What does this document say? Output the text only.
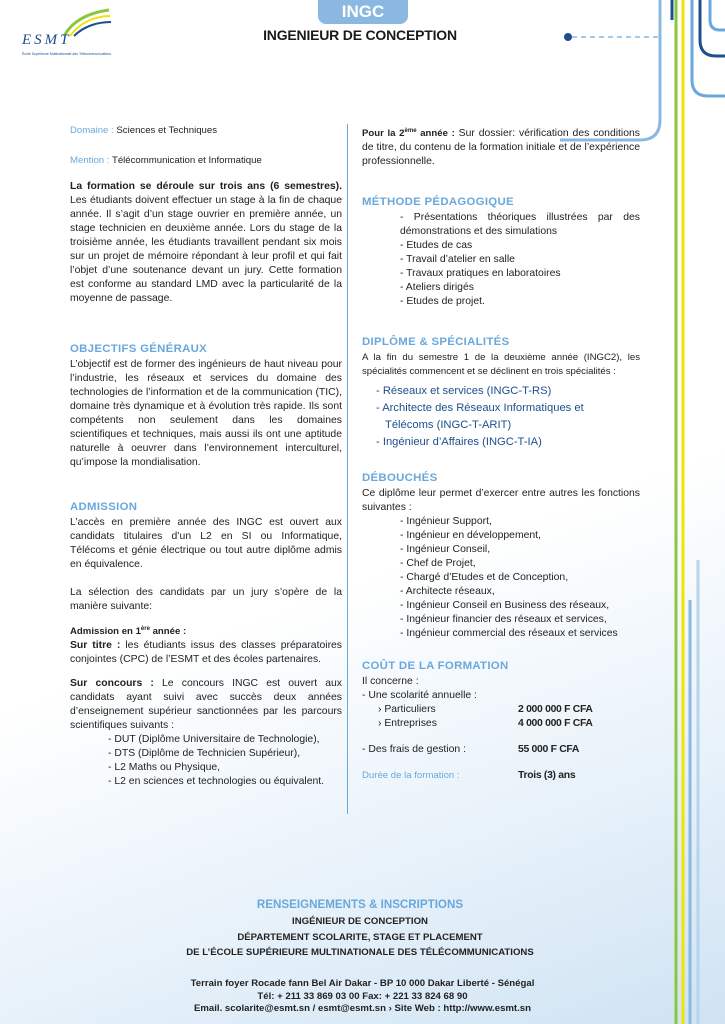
ESMT
École Supérieure Multinationale des Télécommunications
INGC
INGENIEUR DE CONCEPTION

Domaine : Sciences et Techniques

Mention : Télécommunication et Informatique

La formation se déroule sur trois ans (6 semestres). Les étudiants doivent effectuer un stage à la fin de chaque année. Il s’agit d’un stage ouvrier en première année, un stage technicien en deuxième année. Lors du stage de la troisième année, les étudiants travaillent pendant six mois sur un projet de mémoire répondant à leur profil et qui fait l’objet d’une soutenance devant un jury. Cette formation est conforme au standard LMD avec la particularité de la moyenne de passage.

OBJECTIFS GÉNÉRAUX

L’objectif est de former des ingénieurs de haut niveau pour l’industrie, les réseaux et services du domaine des technologies de l’information et de la communication (TIC), domaine très dynamique et à évolution très rapide. Ils sont compétents non seulement dans les domaines scientifiques et techniques, mais aussi ils ont une aptitude naturelle à oeuvrer dans l’environnement interculturel, qu’impose la mondialisation.

ADMISSION

L’accès en première année des INGC est ouvert aux candidats titulaires d’un L2 en SI ou Informatique, Télécoms et génie électrique ou tout autre diplôme admis en équivalence.

La sélection des candidats par un jury s’opère de la manière suivante:

Admission en 1ère année :

Sur titre : les étudiants issus des classes préparatoires conjointes (CPC) de l’ESMT et des écoles partenaires.

Sur concours : Le concours INGC est ouvert aux candidats ayant suivi avec succès deux années d’enseignement supérieur sanctionnées par les parcours scientifiques suivants :

- DUT (Diplôme Universitaire de Technologie),
- DTS (Diplôme de Technicien Supérieur),
- L2 Maths ou Physique,
- L2 en sciences et technologies ou équivalent.

Pour la 2ème année : Sur dossier: vérification des conditions de titre, du contenu de la formation initiale et de l’expérience professionnelle.

MÉTHODE PÉDAGOGIQUE
- Présentations théoriques illustrées par des démonstrations et des simulations
- Etudes de cas
- Travail d’atelier en salle
- Travaux pratiques en laboratoires
- Ateliers dirigés
- Etudes de projet.
DIPLÔME & SPÉCIALITÉS

A la fin du semestre 1 de la deuxième année (INGC2), les spécialités commencent et se déclinent en trois spécialités :

- Réseaux et services (INGC-T-RS)
- Architecte des Réseaux Informatiques et
Télécoms (INGC-T-ARIT)
- Ingénieur d’Affaires (INGC-T-IA)
DÉBOUCHÉS

Ce diplôme leur permet d’exercer entre autres les fonctions suivantes :

- Ingénieur Support,
- Ingénieur en développement,
- Ingénieur Conseil,
- Chef de Projet,
- Chargé d’Etudes et de Conception,
- Architecte réseaux,
- Ingénieur Conseil en Business des réseaux,
- Ingénieur financier des réseaux et services,
- Ingénieur commercial des réseaux et services
COÛT DE LA FORMATION

Il concerne :

- Une scolarité annuelle :

› Particuliers	2 000 000 F CFA
› Entreprises	4 000 000 F CFA
- Des frais de gestion :	55 000 F CFA
Durée de la formation :	Trois (3) ans
RENSEIGNEMENTS & INSCRIPTIONS
INGÉNIEUR DE CONCEPTION
DÉPARTEMENT SCOLARITE, STAGE ET PLACEMENT
DE L’ÉCOLE SUPÉRIEURE MULTINATIONALE DES TÉLÉCOMMUNICATIONS
Terrain foyer Rocade fann Bel Air Dakar - BP 10 000 Dakar Liberté - Sénégal
Tél: + 211 33 869 03 00 Fax: + 221 33 824 68 90
Email. scolarite@esmt.sn / esmt@esmt.sn › Site Web : http://www.esmt.sn
